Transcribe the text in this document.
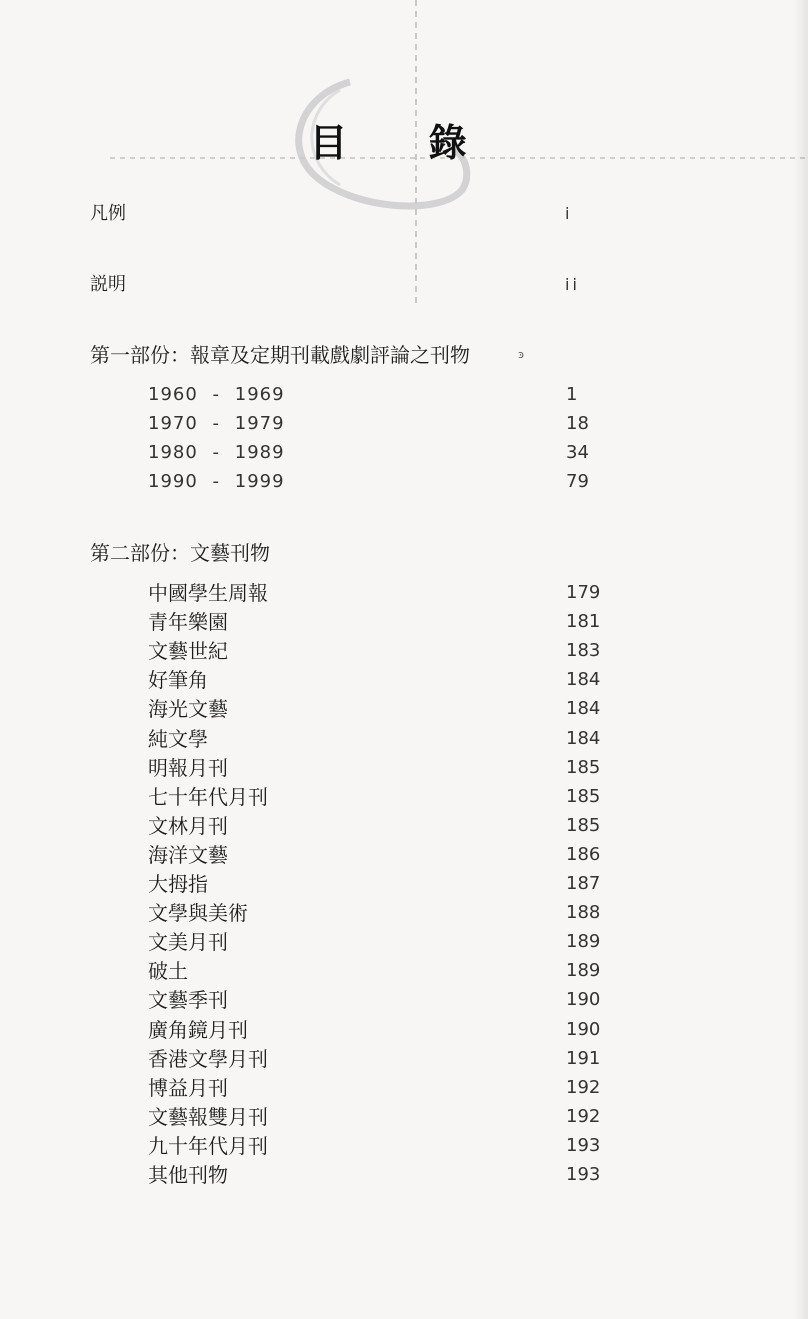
目 錄
凡例	i
説明	ii
第一部份：報章及定期刊載戲劇評論之刊物	ꜿ
1960 - 1969	1
1970 - 1979	18
1980 - 1989	34
1990 - 1999	79
第二部份：文藝刊物
中國學生周報	179
青年樂園	181
文藝世紀	183
好筆角	184
海光文藝	184
純文學	184
明報月刊	185
七十年代月刊	185
文林月刊	185
海洋文藝	186
大拇指	187
文學與美術	188
文美月刊	189
破土	189
文藝季刊	190
廣角鏡月刊	190
香港文學月刊	191
博益月刊	192
文藝報雙月刊	192
九十年代月刊	193
其他刊物	193
